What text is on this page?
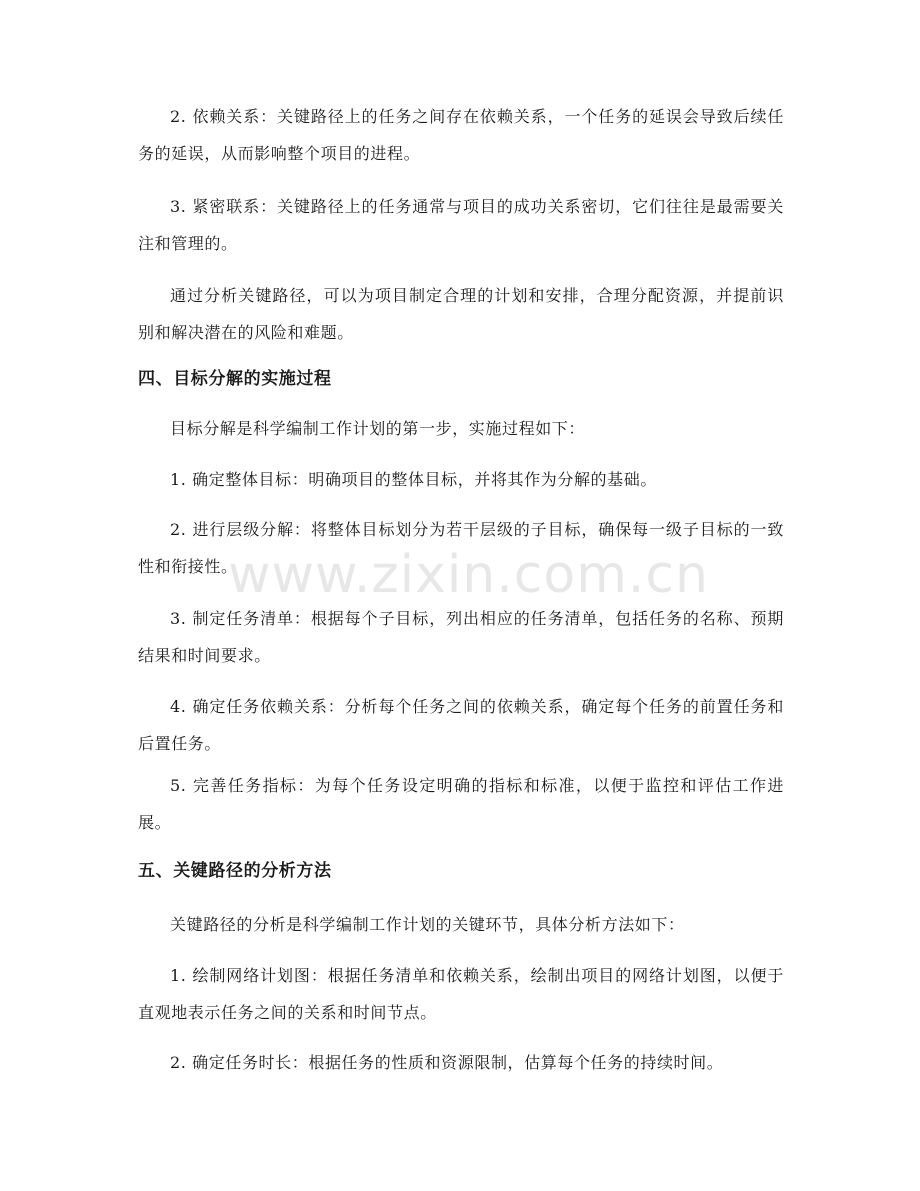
2. 依赖关系：关键路径上的任务之间存在依赖关系，一个任务的延误会导致后续任务的延误，从而影响整个项目的进程。

3. 紧密联系：关键路径上的任务通常与项目的成功关系密切，它们往往是最需要关注和管理的。

通过分析关键路径，可以为项目制定合理的计划和安排，合理分配资源，并提前识别和解决潜在的风险和难题。

四、目标分解的实施过程

目标分解是科学编制工作计划的第一步，实施过程如下：

1. 确定整体目标：明确项目的整体目标，并将其作为分解的基础。

2. 进行层级分解：将整体目标划分为若干层级的子目标，确保每一级子目标的一致性和衔接性。

3. 制定任务清单：根据每个子目标，列出相应的任务清单，包括任务的名称、预期结果和时间要求。

4. 确定任务依赖关系：分析每个任务之间的依赖关系，确定每个任务的前置任务和后置任务。

5. 完善任务指标：为每个任务设定明确的指标和标准，以便于监控和评估工作进展。

五、关键路径的分析方法

关键路径的分析是科学编制工作计划的关键环节，具体分析方法如下：

1. 绘制网络计划图：根据任务清单和依赖关系，绘制出项目的网络计划图，以便于直观地表示任务之间的关系和时间节点。

2. 确定任务时长：根据任务的性质和资源限制，估算每个任务的持续时间。

www.zixin.com.cn
